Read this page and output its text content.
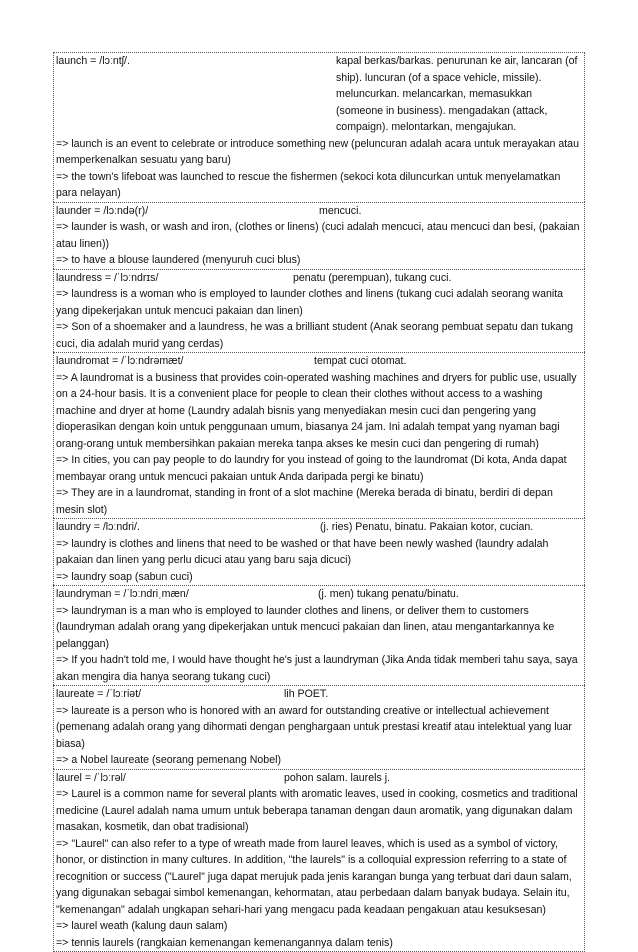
launch = /lɔːntʃ/.	kapal berkas/barkas. penurunan ke air, lancaran (of ship). luncuran (of a space vehicle, missile). meluncurkan. melancarkan, memasukkan (someone in business). mengadakan (attack, compaign). melontarkan, mengajukan.
=> launch is an event to celebrate or introduce something new (peluncuran adalah acara untuk merayakan atau memperkenalkan sesuatu yang baru)
=> the town's lifeboat was launched to rescue the fishermen (sekoci kota diluncurkan untuk menyelamatkan para nelayan)
launder = /lɔːndə(r)/	mencuci.
=> launder is wash, or wash and iron, (clothes or linens) (cuci adalah mencuci, atau mencuci dan besi, (pakaian atau linen))
=> to have a blouse laundered (menyuruh cuci blus)
laundress = /ˈlɔːndrɪs/	penatu (perempuan), tukang cuci.
=> laundress is a woman who is employed to launder clothes and linens (tukang cuci adalah seorang wanita yang dipekerjakan untuk mencuci pakaian dan linen)
=> Son of a shoemaker and a laundress, he was a brilliant student (Anak seorang pembuat sepatu dan tukang cuci, dia adalah murid yang cerdas)
laundromat = /ˈlɔːndrəmæt/	tempat cuci otomat.
=> A laundromat is a business that provides coin-operated washing machines and dryers for public use, usually on a 24-hour basis. It is a convenient place for people to clean their clothes without access to a washing machine and dryer at home (Laundry adalah bisnis yang menyediakan mesin cuci dan pengering yang dioperasikan dengan koin untuk penggunaan umum, biasanya 24 jam. Ini adalah tempat yang nyaman bagi orang-orang untuk membersihkan pakaian mereka tanpa akses ke mesin cuci dan pengering di rumah)
=> In cities, you can pay people to do laundry for you instead of going to the laundromat (Di kota, Anda dapat membayar orang untuk mencuci pakaian untuk Anda daripada pergi ke binatu)
=> They are in a laundromat, standing in front of a slot machine (Mereka berada di binatu, berdiri di depan mesin slot)
laundry = /lɔːndri/.	(j. ries) Penatu, binatu. Pakaian kotor, cucian.
=> laundry is clothes and linens that need to be washed or that have been newly washed (laundry adalah pakaian dan linen yang perlu dicuci atau yang baru saja dicuci)
=> laundry soap (sabun cuci)
laundryman = /ˈlɔːndriˌmæn/	(j. men) tukang penatu/binatu.
=> laundryman is a man who is employed to launder clothes and linens, or deliver them to customers (laundryman adalah orang yang dipekerjakan untuk mencuci pakaian dan linen, atau mengantarkannya ke pelanggan)
=> If you hadn't told me, I would have thought he's just a laundryman (Jika Anda tidak memberi tahu saya, saya akan mengira dia hanya seorang tukang cuci)
laureate = /ˈlɔːriət/	lih POET.
=> laureate is a person who is honored with an award for outstanding creative or intellectual achievement (pemenang adalah orang yang dihormati dengan penghargaan untuk prestasi kreatif atau intelektual yang luar biasa)
=> a Nobel laureate (seorang pemenang Nobel)
laurel = /ˈlɔːrəl/	pohon salam. laurels j.
=> Laurel is a common name for several plants with aromatic leaves, used in cooking, cosmetics and traditional medicine (Laurel adalah nama umum untuk beberapa tanaman dengan daun aromatik, yang digunakan dalam masakan, kosmetik, dan obat tradisional)
=> "Laurel" can also refer to a type of wreath made from laurel leaves, which is used as a symbol of victory, honor, or distinction in many cultures. In addition, "the laurels" is a colloquial expression referring to a state of recognition or success ("Laurel" juga dapat merujuk pada jenis karangan bunga yang terbuat dari daun salam, yang digunakan sebagai simbol kemenangan, kehormatan, atau perbedaan dalam banyak budaya. Selain itu, "kemenangan" adalah ungkapan sehari-hari yang mengacu pada keadaan pengakuan atau kesuksesan)
=> laurel weath (kalung daun salam)
=> tennis laurels (rangkaian kemenangan kemenangannya dalam tenis)
